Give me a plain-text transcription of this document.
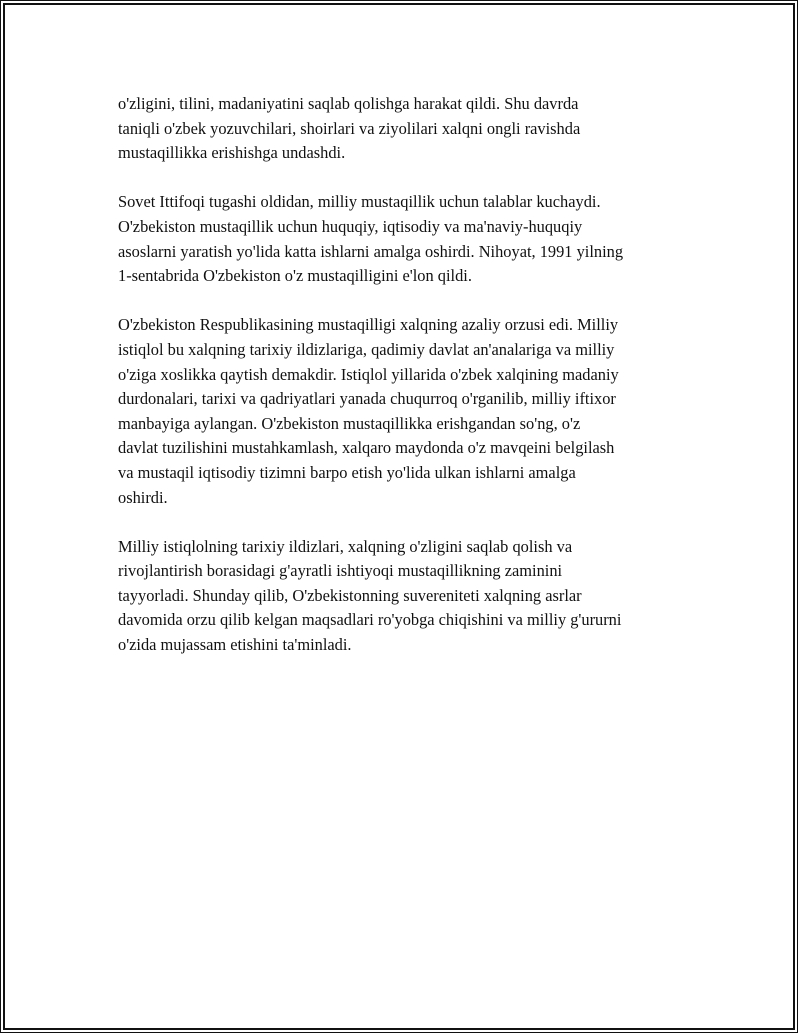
o'zligini, tilini, madaniyatini saqlab qolishga harakat qildi. Shu davrda
taniqli o'zbek yozuvchilari, shoirlari va ziyolilari xalqni ongli ravishda
mustaqillikka erishishga undashdi.

Sovet Ittifoqi tugashi oldidan, milliy mustaqillik uchun talablar kuchaydi.
O'zbekiston mustaqillik uchun huquqiy, iqtisodiy va ma'naviy-huquqiy
asoslarni yaratish yo'lida katta ishlarni amalga oshirdi. Nihoyat, 1991 yilning
1-sentabrida O'zbekiston o'z mustaqilligini e'lon qildi.

O'zbekiston Respublikasining mustaqilligi xalqning azaliy orzusi edi. Milliy
istiqlol bu xalqning tarixiy ildizlariga, qadimiy davlat an'analariga va milliy
o'ziga xoslikka qaytish demakdir. Istiqlol yillarida o'zbek xalqining madaniy
durdonalari, tarixi va qadriyatlari yanada chuqurroq o'rganilib, milliy iftixor
manbayiga aylangan. O'zbekiston mustaqillikka erishgandan so'ng, o'z
davlat tuzilishini mustahkamlash, xalqaro maydonda o'z mavqeini belgilash
va mustaqil iqtisodiy tizimni barpo etish yo'lida ulkan ishlarni amalga
oshirdi.

Milliy istiqlolning tarixiy ildizlari, xalqning o'zligini saqlab qolish va
rivojlantirish borasidagi g'ayratli ishtiyoqi mustaqillikning zaminini
tayyorladi. Shunday qilib, O'zbekistonning suvereniteti xalqning asrlar
davomida orzu qilib kelgan maqsadlari ro'yobga chiqishini va milliy g'ururni
o'zida mujassam etishini ta'minladi.
